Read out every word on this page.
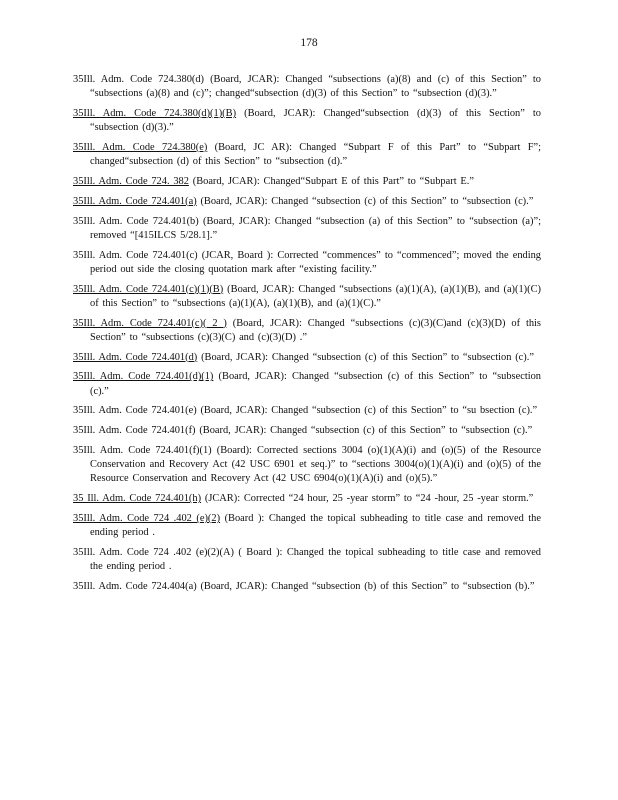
178

35Ill. Adm. Code 724.380(d) (Board, JCAR): Changed “subsections (a)(8) and (c) of this Section” to “subsections (a)(8) and (c)”; changed“subsection (d)(3) of this Section” to “subsection (d)(3).”

35Ill. Adm. Code 724.380(d)(1)(B) (Board, JCAR): Changed“subsection (d)(3) of this Section” to “subsection (d)(3).”

35Ill. Adm. Code 724.380(e) (Board, JC AR): Changed “Subpart F of this Part” to “Subpart F”; changed“subsection (d) of this Section” to “subsection (d).”

35Ill. Adm. Code 724. 382 (Board, JCAR): Changed“Subpart E of this Part” to “Subpart E.”

35Ill. Adm. Code 724.401(a) (Board, JCAR): Changed “subsection (c) of this Section” to “subsection (c).”

35Ill. Adm. Code 724.401(b) (Board, JCAR): Changed “subsection (a) of this Section” to “subsection (a)”; removed “[415ILCS 5/28.1].”

35Ill. Adm. Code 724.401(c) (JCAR, Board ): Corrected “commences” to “commenced”; moved the ending period out side the closing quotation mark after “existing facility.”

35Ill. Adm. Code 724.401(c)(1)(B) (Board, JCAR): Changed “subsections (a)(1)(A), (a)(1)(B), and (a)(1)(C) of this Section” to “subsections (a)(1)(A), (a)(1)(B), and (a)(1)(C).”

35Ill. Adm. Code 724.401(c)( 2 ) (Board, JCAR): Changed “subsections (c)(3)(C)and (c)(3)(D) of this Section” to “subsections (c)(3)(C) and (c)(3)(D) .”

35Ill. Adm. Code 724.401(d) (Board, JCAR): Changed “subsection (c) of this Section” to “subsection (c).”

35Ill. Adm. Code 724.401(d)(1) (Board, JCAR): Changed “subsection (c) of this Section” to “subsection (c).”

35Ill. Adm. Code 724.401(e) (Board, JCAR): Changed “subsection (c) of this Section” to “su bsection (c).”

35Ill. Adm. Code 724.401(f) (Board, JCAR): Changed “subsection (c) of this Section” to “subsection (c).”

35Ill. Adm. Code 724.401(f)(1) (Board): Corrected sections 3004 (o)(1)(A)(i) and (o)(5) of the Resource Conservation and Recovery Act (42 USC 6901 et seq.)” to “sections 3004(o)(1)(A)(i) and (o)(5) of the Resource Conservation and Recovery Act (42 USC 6904(o)(1)(A)(i) and (o)(5).”

35 Ill. Adm. Code 724.401(h) (JCAR): Corrected “24 hour, 25 -year storm” to “24 -hour, 25 -year storm.”

35Ill. Adm. Code 724 .402 (e)(2) (Board ): Changed the topical subheading to title case and removed the ending period .

35Ill. Adm. Code 724 .402 (e)(2)(A) ( Board ): Changed the topical subheading to title case and removed the ending period .

35Ill. Adm. Code 724.404(a) (Board, JCAR): Changed “subsection (b) of this Section” to “subsection (b).”
